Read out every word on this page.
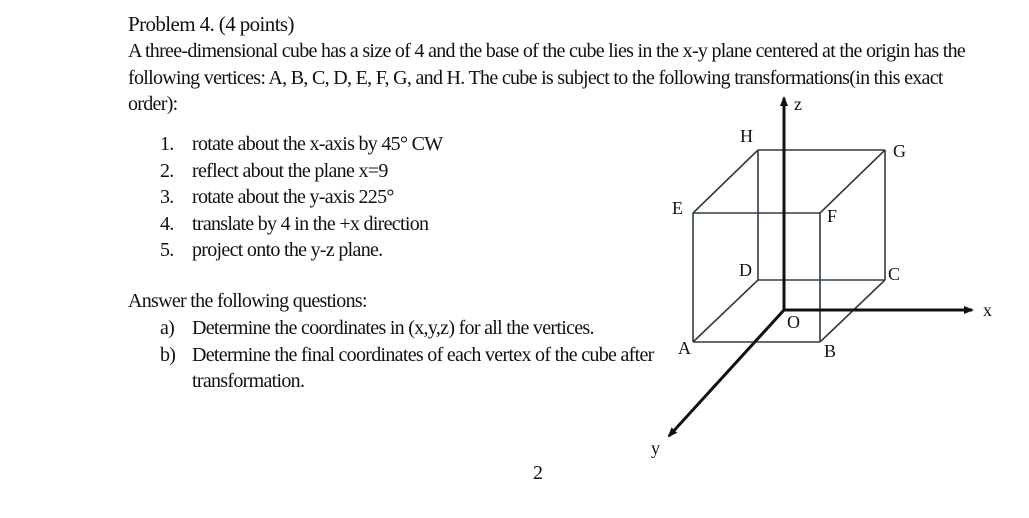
Problem 4. (4 points)
A three-dimensional cube has a size of 4 and the base of the cube lies in the x-y plane centered at the origin has the following vertices: A, B, C, D, E, F, G, and H. The cube is subject to the following transformations(in this exact order):
1. rotate about the x-axis by 45° CW
2. reflect about the plane x=9
3. rotate about the y-axis 225°
4. translate by 4 in the +x direction
5. project onto the y-z plane.
Answer the following questions:
a) Determine the coordinates in (x,y,z) for all the vertices.
b) Determine the final coordinates of each vertex of the cube after transformation.
z
x
y
O
A	B
C
D
E	F
G
H
2
